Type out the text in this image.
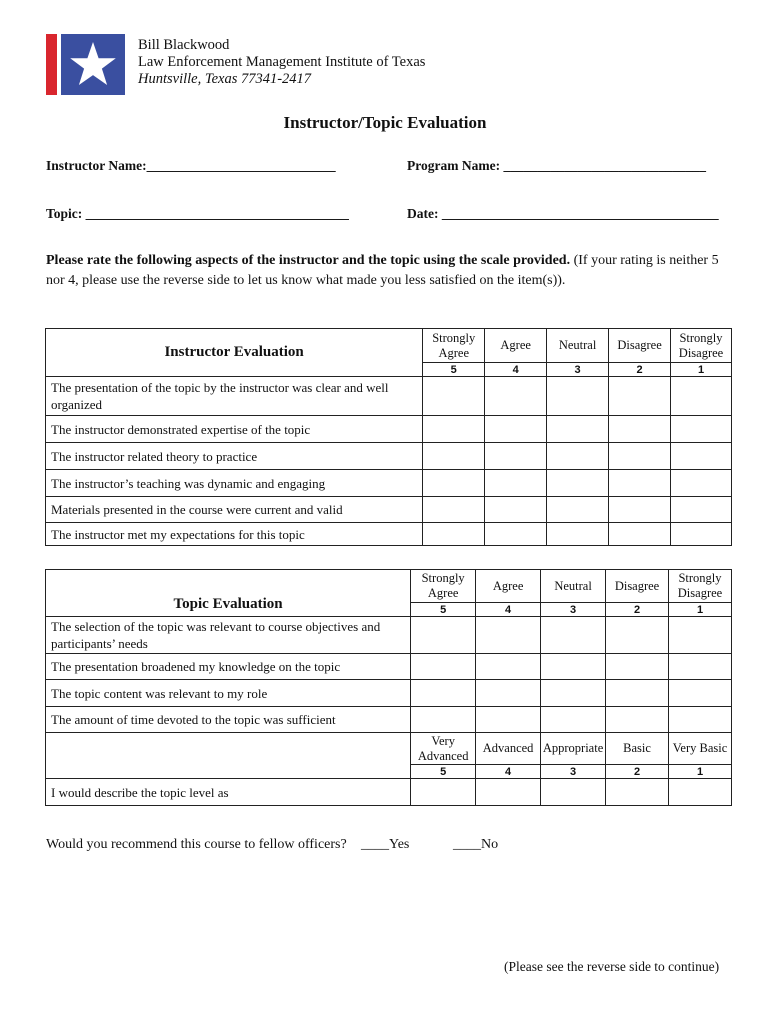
Bill Blackwood
Law Enforcement Management Institute of Texas
Huntsville, Texas 77341-2417
Instructor/Topic Evaluation
Instructor Name:____________________________	Program Name: ______________________________
Topic: _______________________________________	Date: _________________________________________
Please rate the following aspects of the instructor and the topic using the scale provided. (If your rating is neither 5 nor 4, please use the reverse side to let us know what made you less satisfied on the item(s)).
Instructor Evaluation	Strongly Agree	Agree	Neutral	Disagree	Strongly Disagree
	5	4	3	2	1
The presentation of the topic by the instructor was clear and well organized					
The instructor demonstrated expertise of the topic					
The instructor related theory to practice					
The instructor’s teaching was dynamic and engaging					
Materials presented in the course were current and valid					
The instructor met my expectations for this topic					
Topic Evaluation	Strongly Agree	Agree	Neutral	Disagree	Strongly Disagree
	5	4	3	2	1
The selection of the topic was relevant to course objectives and participants’ needs					
The presentation broadened my knowledge on the topic					
The topic content was relevant to my role					
The amount of time devoted to the topic was sufficient					
	Very Advanced	Advanced	Appropriate	Basic	Very Basic
	5	4	3	2	1
I would describe the topic level as					
Would you recommend this course to fellow officers? ____Yes	____No
(Please see the reverse side to continue)
